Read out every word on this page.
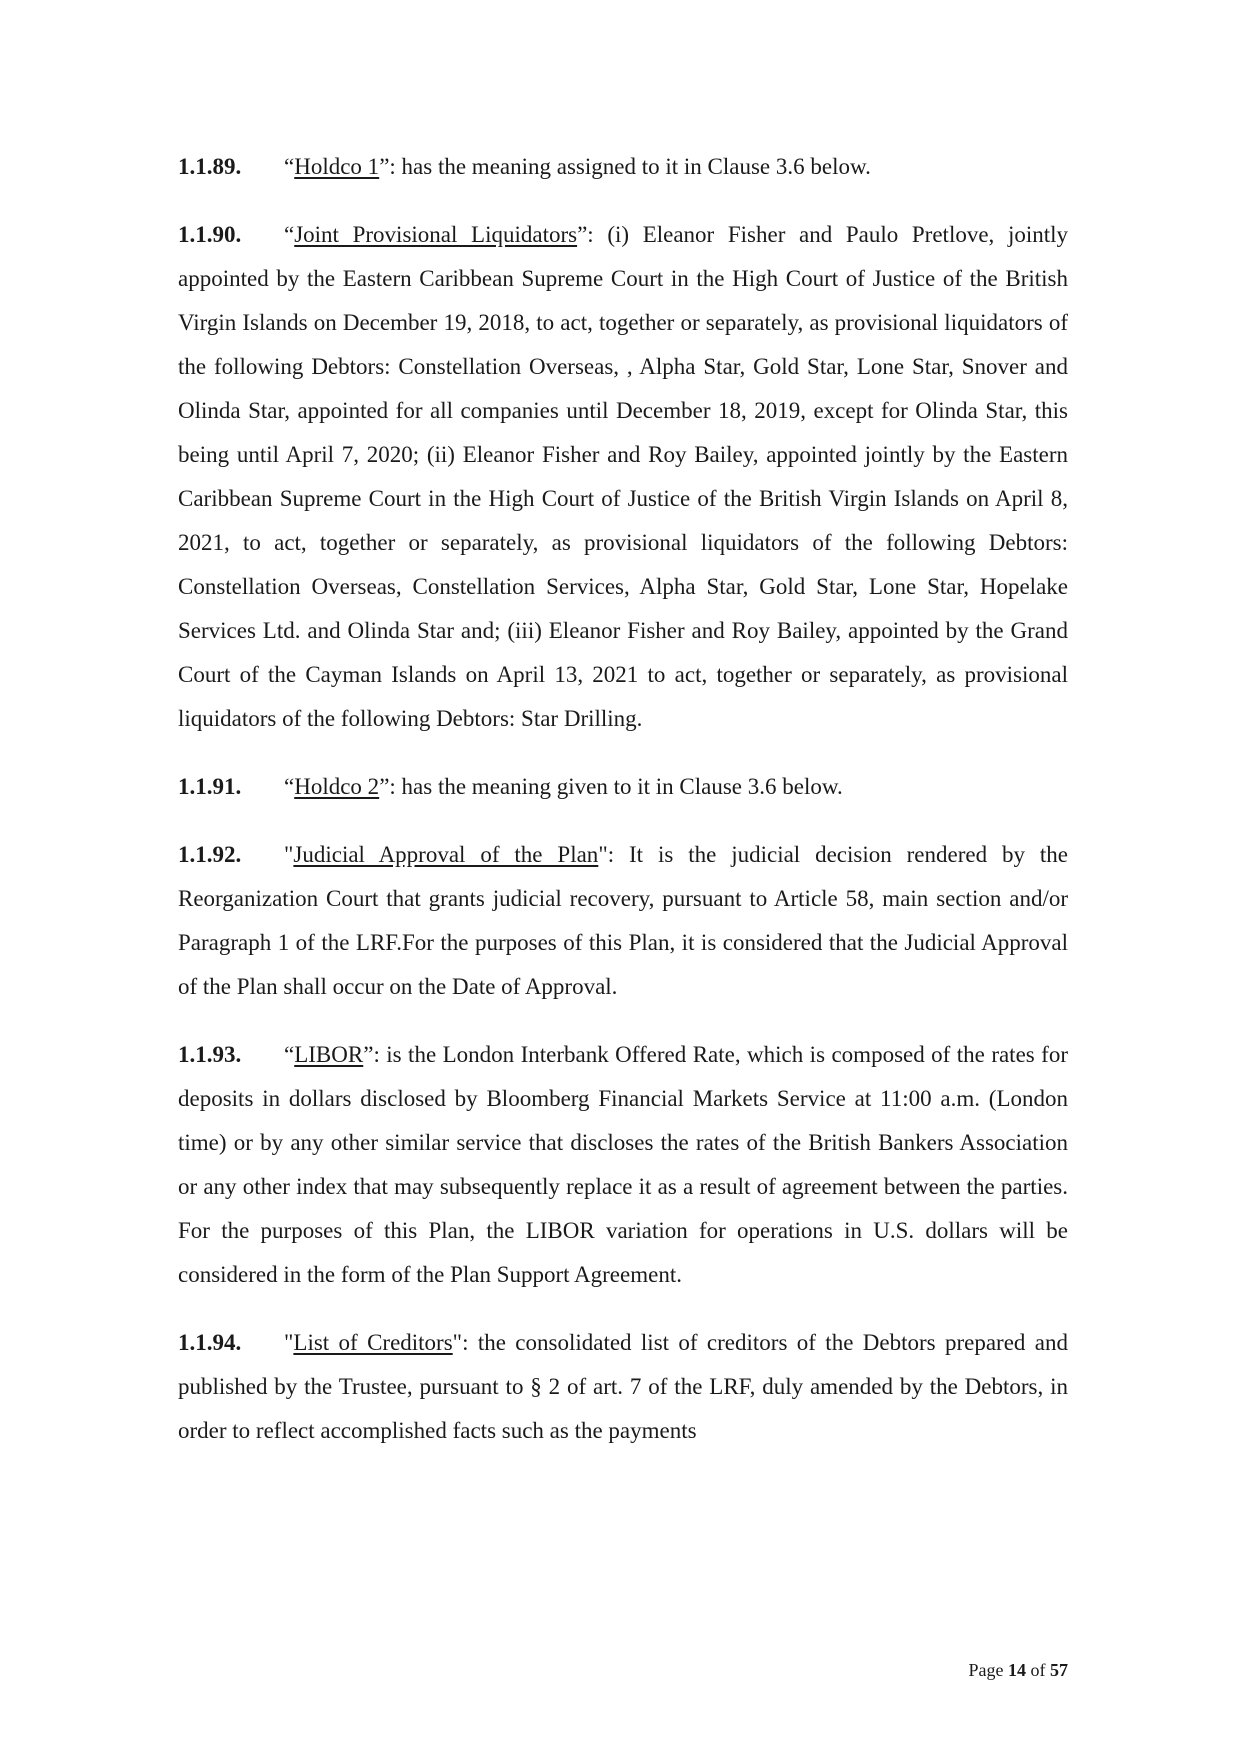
1.1.89. “Holdco 1”: has the meaning assigned to it in Clause 3.6 below.

1.1.90. “Joint Provisional Liquidators”: (i) Eleanor Fisher and Paulo Pretlove, jointly appointed by the Eastern Caribbean Supreme Court in the High Court of Justice of the British Virgin Islands on December 19, 2018, to act, together or separately, as provisional liquidators of the following Debtors: Constellation Overseas, , Alpha Star, Gold Star, Lone Star, Snover and Olinda Star, appointed for all companies until December 18, 2019, except for Olinda Star, this being until April 7, 2020; (ii) Eleanor Fisher and Roy Bailey, appointed jointly by the Eastern Caribbean Supreme Court in the High Court of Justice of the British Virgin Islands on April 8, 2021, to act, together or separately, as provisional liquidators of the following Debtors: Constellation Overseas, Constellation Services, Alpha Star, Gold Star, Lone Star, Hopelake Services Ltd. and Olinda Star and; (iii) Eleanor Fisher and Roy Bailey, appointed by the Grand Court of the Cayman Islands on April 13, 2021 to act, together or separately, as provisional liquidators of the following Debtors: Star Drilling.

1.1.91. “Holdco 2”: has the meaning given to it in Clause 3.6 below.

1.1.92. "Judicial Approval of the Plan": It is the judicial decision rendered by the Reorganization Court that grants judicial recovery, pursuant to Article 58, main section and/or Paragraph 1 of the LRF.For the purposes of this Plan, it is considered that the Judicial Approval of the Plan shall occur on the Date of Approval.

1.1.93. “LIBOR”: is the London Interbank Offered Rate, which is composed of the rates for deposits in dollars disclosed by Bloomberg Financial Markets Service at 11:00 a.m. (London time) or by any other similar service that discloses the rates of the British Bankers Association or any other index that may subsequently replace it as a result of agreement between the parties. For the purposes of this Plan, the LIBOR variation for operations in U.S. dollars will be considered in the form of the Plan Support Agreement.

1.1.94. "List of Creditors": the consolidated list of creditors of the Debtors prepared and published by the Trustee, pursuant to § 2 of art. 7 of the LRF, duly amended by the Debtors, in order to reflect accomplished facts such as the payments

Page 14 of 57
